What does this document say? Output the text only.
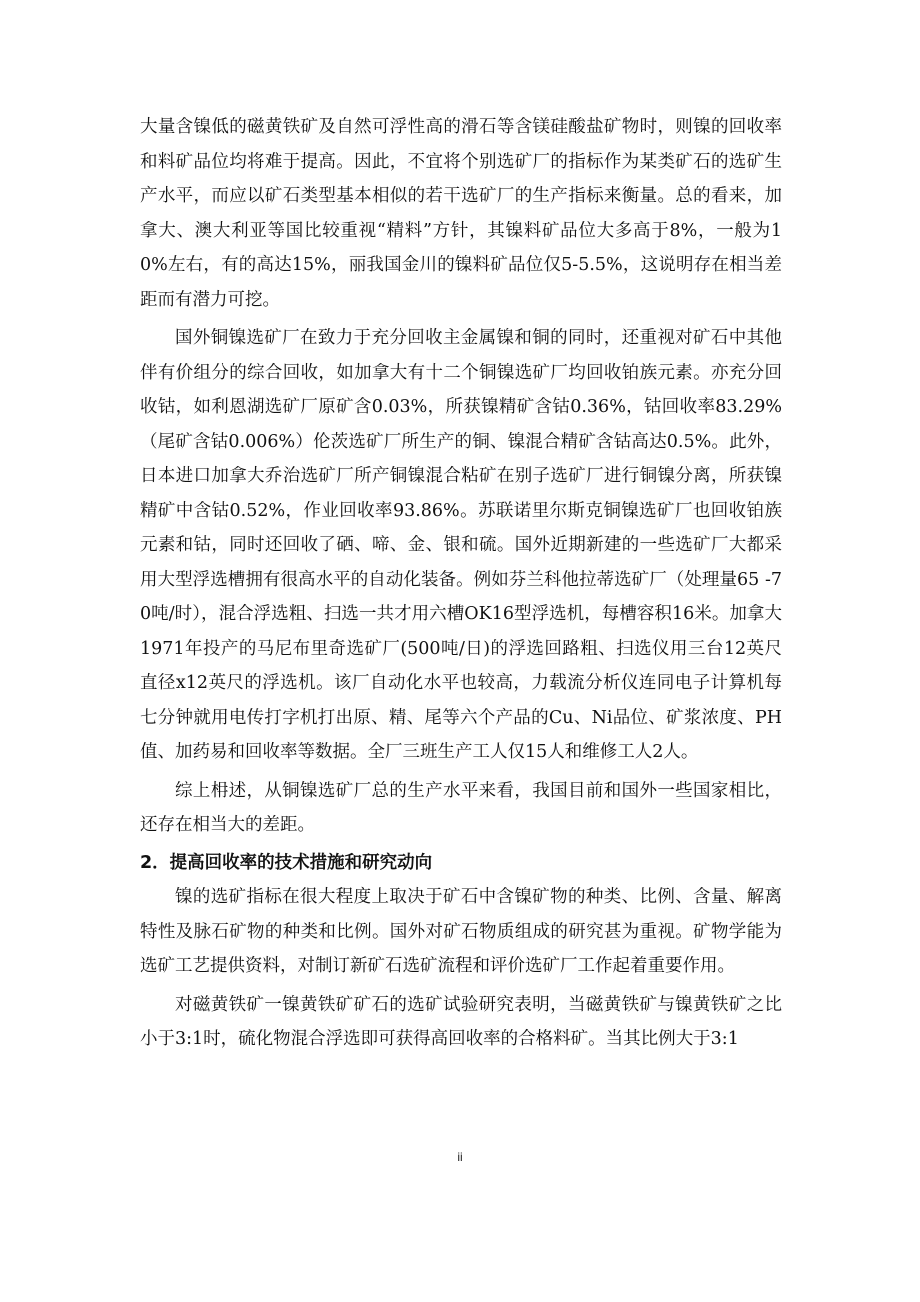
大量含镍低的磁黄铁矿及自然可浮性高的滑石等含镁硅酸盐矿物时，则镍的回收率和料矿品位均将难于提高。因此，不宜将个别选矿厂的指标作为某类矿石的选矿生产水平，而应以矿石类型基本相似的若干选矿厂的生产指标来衡量。总的看来，加拿大、澳大利亚等国比较重视“精料”方针，其镍料矿品位大多高于8%，一般为10%左右，有的高达15%，丽我国金川的镍料矿品位仅5-5.5%，这说明存在相当差距而有潜力可挖。

国外铜镍选矿厂在致力于充分回收主金属镍和铜的同时，还重视对矿石中其他伴有价组分的综合回收，如加拿大有十二个铜镍选矿厂均回收铂族元素。亦充分回收钴，如利恩湖选矿厂原矿含0.03%，所获镍精矿含钴0.36%，钴回收率83.29%（尾矿含钴0.006%）伦茨选矿厂所生产的铜、镍混合精矿含钴高达0.5%。此外，日本进口加拿大乔治选矿厂所产铜镍混合粘矿在别子选矿厂进行铜镍分离，所获镍精矿中含钴0.52%，作业回收率93.86%。苏联诺里尔斯克铜镍选矿厂也回收铂族元素和钴，同时还回收了硒、啼、金、银和硫。国外近期新建的一些选矿厂大都采用大型浮选槽拥有很高水平的自动化装备。例如芬兰科他拉蒂选矿厂（处理量65 -70吨/时），混合浮选粗、扫选一共才用六槽OK16型浮选机，每槽容积16米。加拿大1971年投产的马尼布里奇选矿厂(500吨/日)的浮选回路粗、扫选仪用三台12英尺直径x12英尺的浮选机。该厂自动化水平也较高，力载流分析仪连同电子计算机每七分钟就用电传打字机打出原、精、尾等六个产品的Cu、Ni品位、矿浆浓度、PH值、加药易和回收率等数据。全厂三班生产工人仅15人和维修工人2人。

综上枏述，从铜镍选矿厂总的生产水平来看，我国目前和国外一些国家相比，还存在相当大的差距。

2．提高回收率的技术措施和研究动向

镍的选矿指标在很大程度上取决于矿石中含镍矿物的种类、比例、含量、解离特性及脉石矿物的种类和比例。国外对矿石物质组成的研究甚为重视。矿物学能为选矿工艺提供资料，对制订新矿石选矿流程和评价选矿厂工作起着重要作用。

对磁黄铁矿一镍黄铁矿矿石的选矿试验研究表明，当磁黄铁矿与镍黄铁矿之比小于3:1时，硫化物混合浮选即可获得高回收率的合格料矿。当其比例大于3:1

ii
